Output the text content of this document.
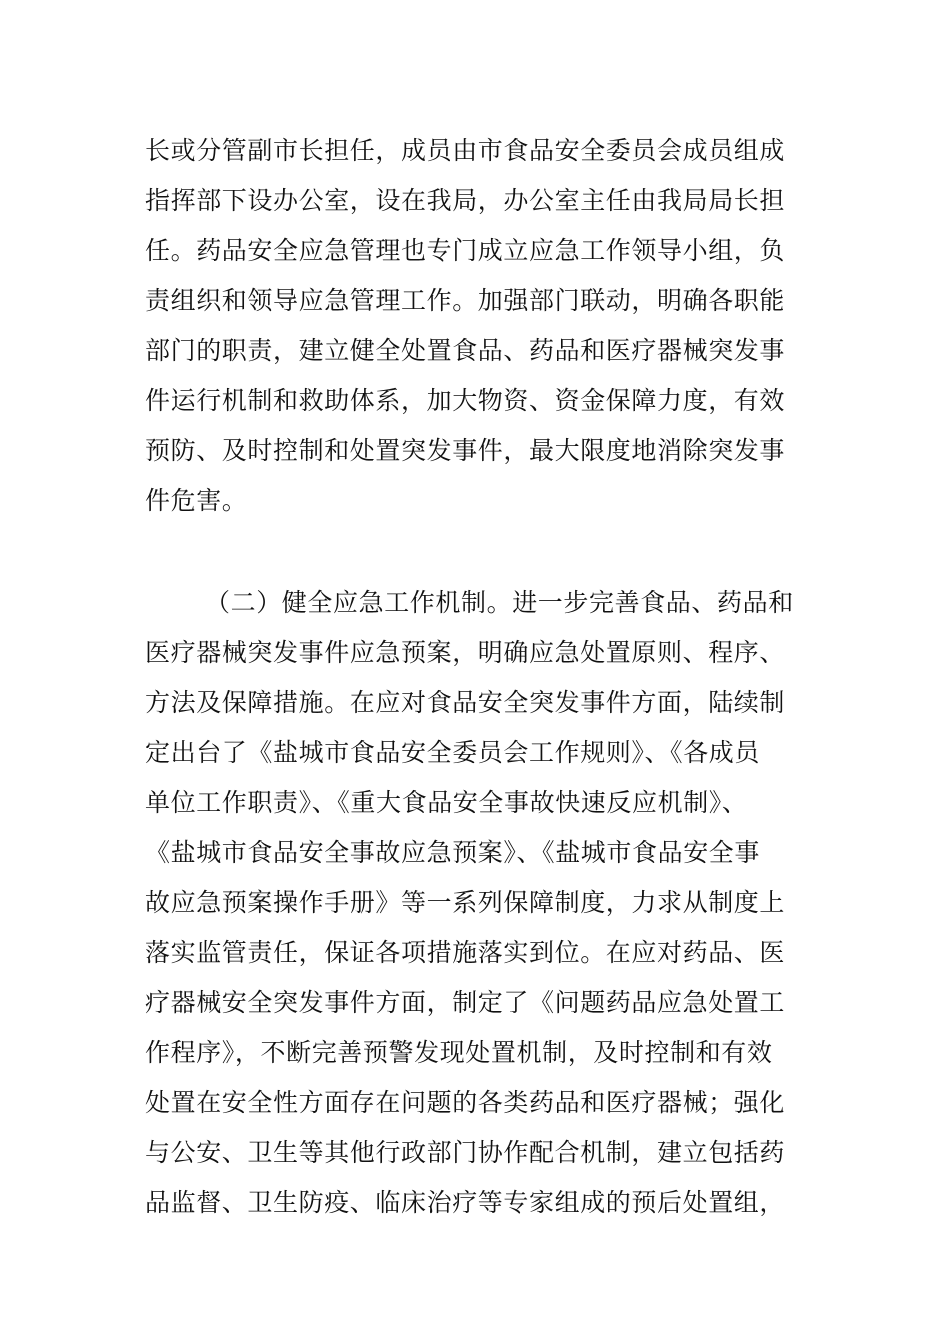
长或分管副市长担任，成员由市食品安全委员会成员组成
指挥部下设办公室，设在我局，办公室主任由我局局长担
任。药品安全应急管理也专门成立应急工作领导小组，负
责组织和领导应急管理工作。加强部门联动，明确各职能
部门的职责，建立健全处置食品、药品和医疗器械突发事
件运行机制和救助体系，加大物资、资金保障力度，有效
预防、及时控制和处置突发事件，最大限度地消除突发事
件危害。
（二）健全应急工作机制。进一步完善食品、药品和
医疗器械突发事件应急预案，明确应急处置原则、程序、
方法及保障措施。在应对食品安全突发事件方面，陆续制
定出台了《盐城市食品安全委员会工作规则》、《各成员
单位工作职责》、《重大食品安全事故快速反应机制》、
《盐城市食品安全事故应急预案》、《盐城市食品安全事
故应急预案操作手册》等一系列保障制度，力求从制度上
落实监管责任，保证各项措施落实到位。在应对药品、医
疗器械安全突发事件方面，制定了《问题药品应急处置工
作程序》，不断完善预警发现处置机制，及时控制和有效
处置在安全性方面存在问题的各类药品和医疗器械；强化
与公安、卫生等其他行政部门协作配合机制，建立包括药
品监督、卫生防疫、临床治疗等专家组成的预后处置组，
